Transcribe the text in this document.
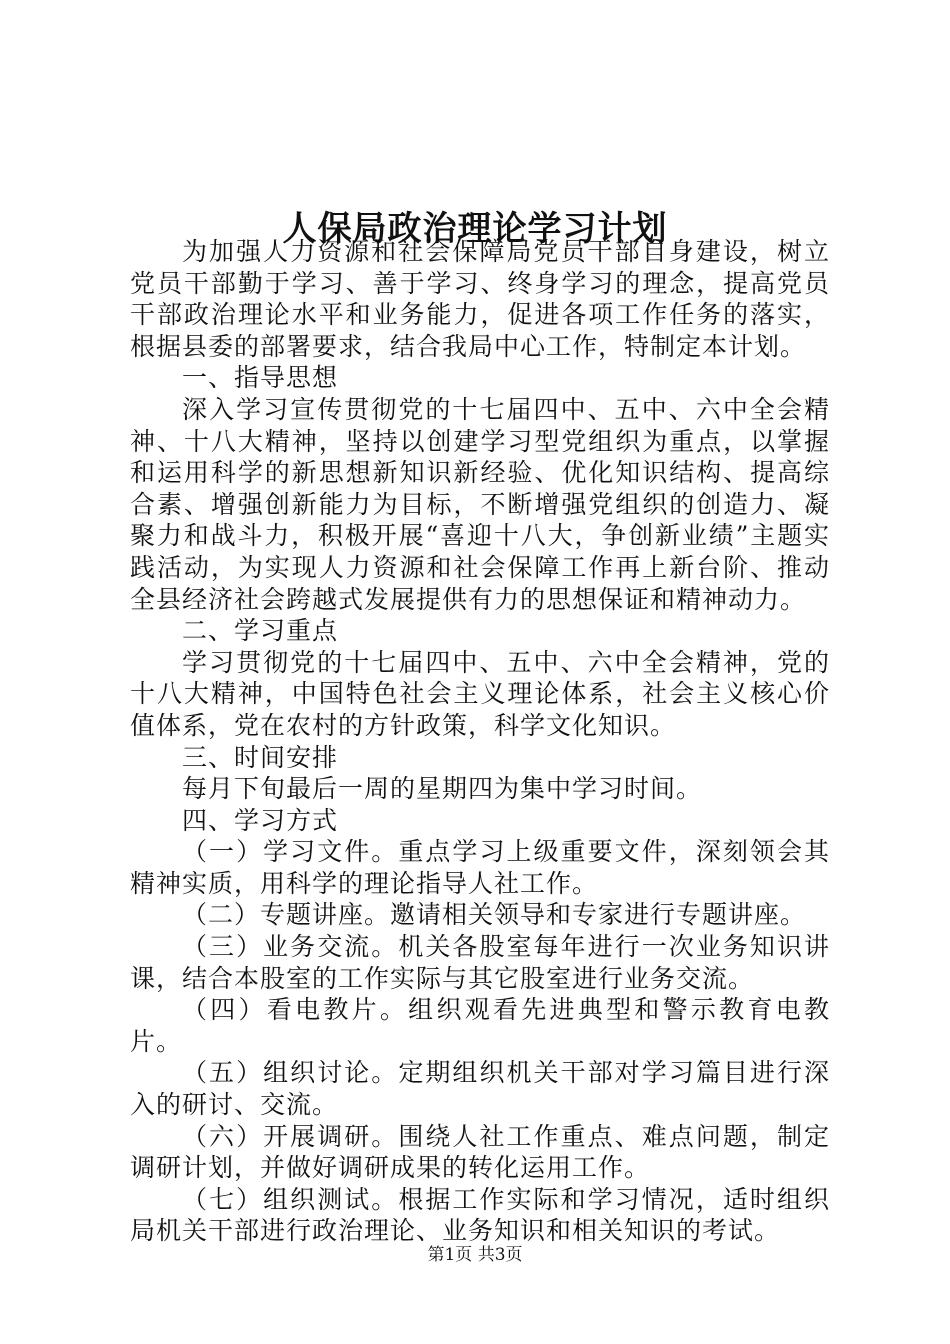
人保局政治理论学习计划

为加强人力资源和社会保障局党员干部自身建设，树立党员干部勤于学习、善于学习、终身学习的理念，提高党员干部政治理论水平和业务能力，促进各项工作任务的落实，根据县委的部署要求，结合我局中心工作，特制定本计划。

一、指导思想

深入学习宣传贯彻党的十七届四中、五中、六中全会精神、十八大精神，坚持以创建学习型党组织为重点，以掌握和运用科学的新思想新知识新经验、优化知识结构、提高综合素、增强创新能力为目标，不断增强党组织的创造力、凝聚力和战斗力，积极开展“喜迎十八大，争创新业绩”主题实践活动，为实现人力资源和社会保障工作再上新台阶、推动全县经济社会跨越式发展提供有力的思想保证和精神动力。

二、学习重点

学习贯彻党的十七届四中、五中、六中全会精神，党的十八大精神，中国特色社会主义理论体系，社会主义核心价值体系，党在农村的方针政策，科学文化知识。

三、时间安排

每月下旬最后一周的星期四为集中学习时间。

四、学习方式

（一）学习文件。重点学习上级重要文件，深刻领会其精神实质，用科学的理论指导人社工作。

（二）专题讲座。邀请相关领导和专家进行专题讲座。

（三）业务交流。机关各股室每年进行一次业务知识讲课，结合本股室的工作实际与其它股室进行业务交流。

（四）看电教片。组织观看先进典型和警示教育电教片。

（五）组织讨论。定期组织机关干部对学习篇目进行深入的研讨、交流。

（六）开展调研。围绕人社工作重点、难点问题，制定调研计划，并做好调研成果的转化运用工作。

（七）组织测试。根据工作实际和学习情况，适时组织局机关干部进行政治理论、业务知识和相关知识的考试。

第1页 共3页
